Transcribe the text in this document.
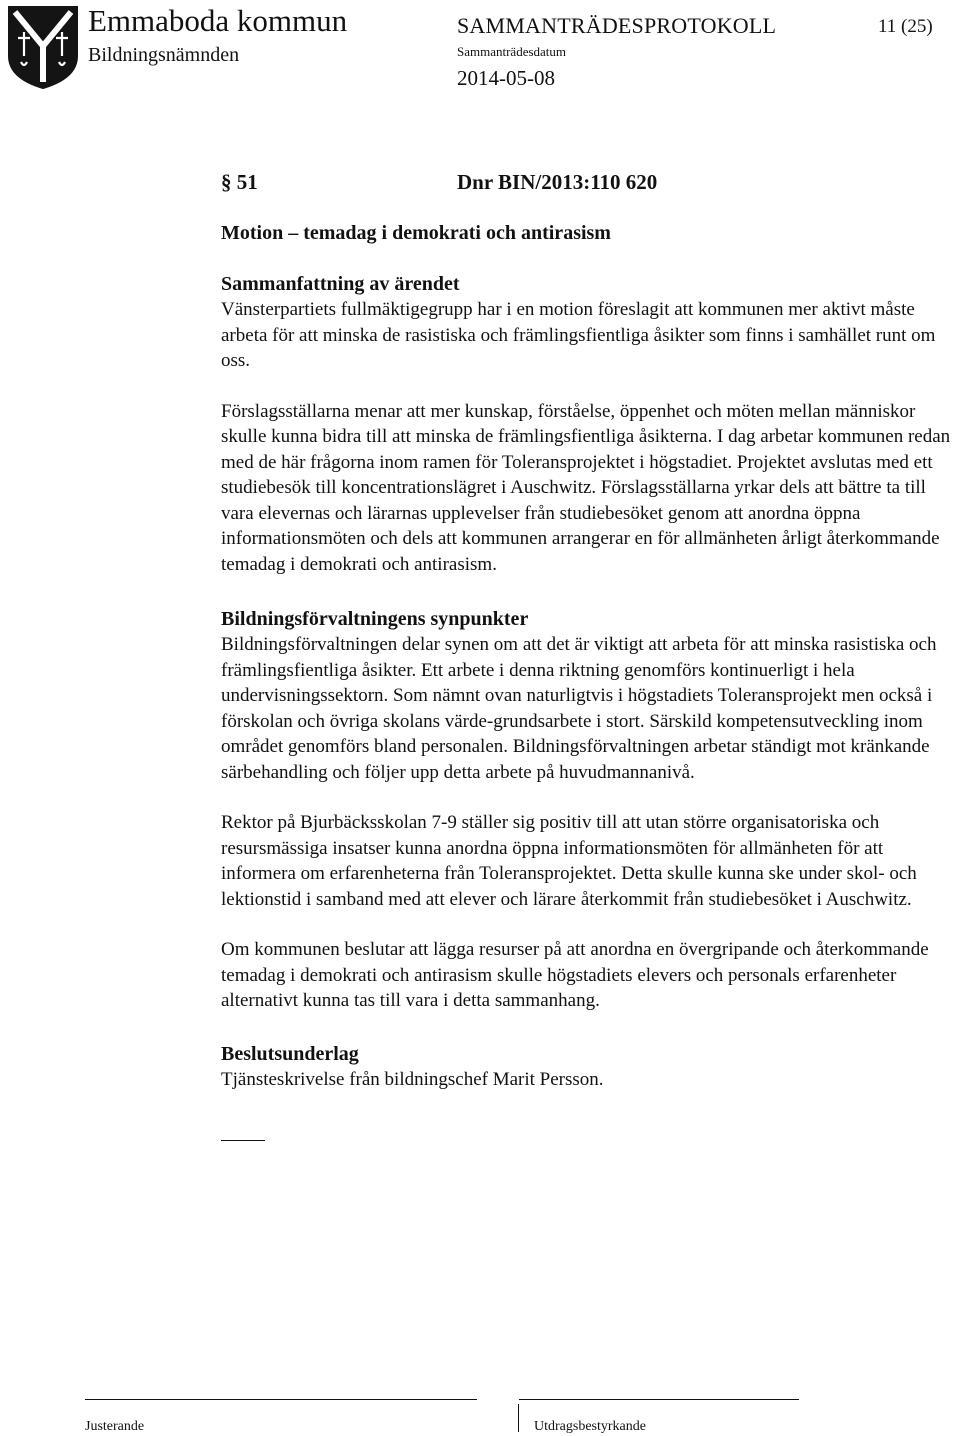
Emmaboda kommun
Bildningsnämnden
SAMMANTRÄDESPROTOKOLL	11 (25)
Sammanträdesdatum
2014-05-08
§ 51	Dnr BIN/2013:110 620
Motion – temadag i demokrati och antirasism
Sammanfattning av ärendet

Vänsterpartiets fullmäktigegrupp har i en motion föreslagit att kommunen mer aktivt måste arbeta för att minska de rasistiska och främlingsfientliga åsikter som finns i samhället runt om oss.

Förslagsställarna menar att mer kunskap, förståelse, öppenhet och möten mellan människor skulle kunna bidra till att minska de främlingsfientliga åsikterna. I dag arbetar kommunen redan med de här frågorna inom ramen för Toleransprojektet i högstadiet. Projektet avslutas med ett studiebesök till koncentrationslägret i Auschwitz. Förslagsställarna yrkar dels att bättre ta till vara elevernas och lärarnas upplevelser från studiebesöket genom att anordna öppna informationsmöten och dels att kommunen arrangerar en för allmänheten årligt återkommande temadag i demokrati och antirasism.

Bildningsförvaltningens synpunkter

Bildningsförvaltningen delar synen om att det är viktigt att arbeta för att minska rasistiska och främlingsfientliga åsikter. Ett arbete i denna riktning genomförs kontinuerligt i hela undervisningssektorn. Som nämnt ovan naturligtvis i högstadiets Toleransprojekt men också i förskolan och övriga skolans värde-grundsarbete i stort. Särskild kompetensutveckling inom området genomförs bland personalen. Bildningsförvaltningen arbetar ständigt mot kränkande särbehandling och följer upp detta arbete på huvudmannanivå.

Rektor på Bjurbäcksskolan 7-9 ställer sig positiv till att utan större organisatoriska och resursmässiga insatser kunna anordna öppna informationsmöten för allmänheten för att informera om erfarenheterna från Toleransprojektet. Detta skulle kunna ske under skol- och lektionstid i samband med att elever och lärare återkommit från studiebesöket i Auschwitz.

Om kommunen beslutar att lägga resurser på att anordna en övergripande och återkommande temadag i demokrati och antirasism skulle högstadiets elevers och personals erfarenheter alternativt kunna tas till vara i detta sammanhang.

Beslutsunderlag

Tjänsteskrivelse från bildningschef Marit Persson.

Justerande	Utdragsbestyrkande
